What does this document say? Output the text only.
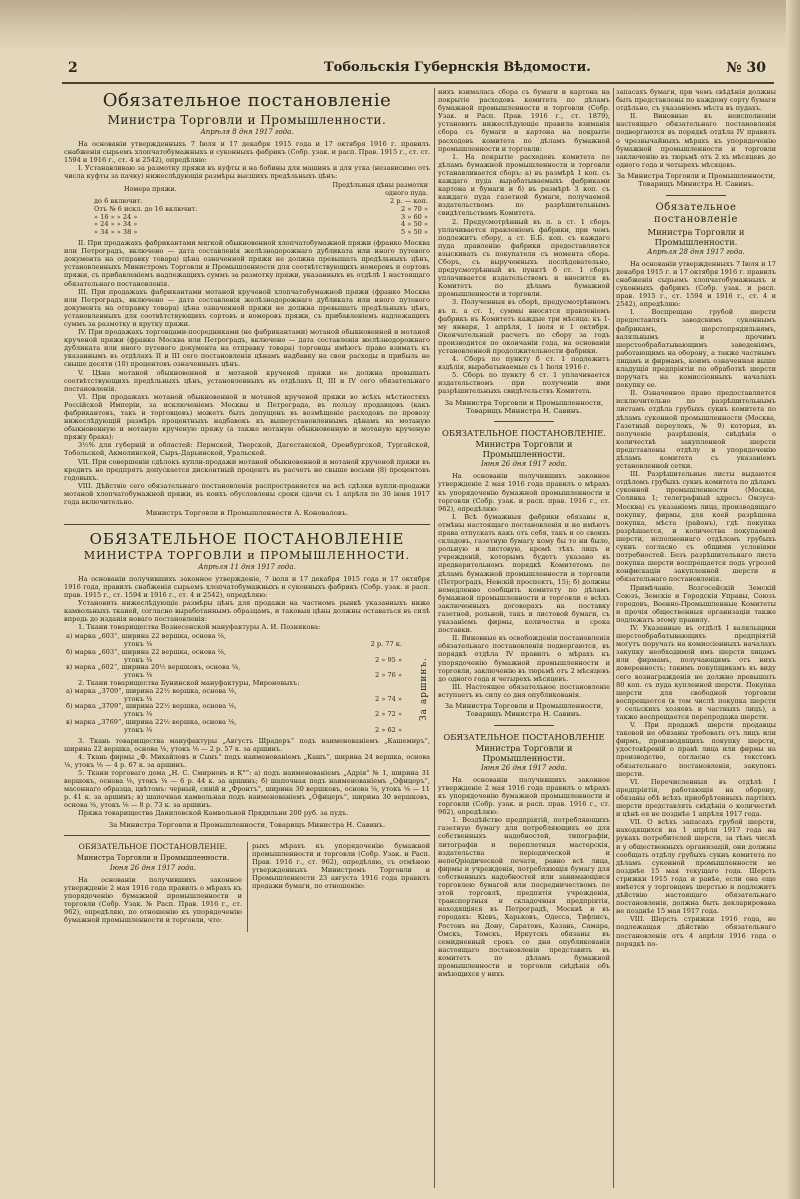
2	Тобольскія Губернскія Вѣдомости.	№ 30
Обязательное постановленіе
Министра Торговли и Промышленности.
Апрѣля 8 дня 1917 года.

На основаніи утвержденныхъ 7 Іюля и 17 декабря 1915 года и 17 октября 1916 г. правилъ снабженія сырьемъ хлопчатобумажныхъ и суконныхъ фабрикъ (Собр. узак. и расп. Прав. 1915 г., ст. ст. 1594 и 1916 г., ст. 4 и 2542), опредѣляю:

I. Устанавливаю за размотку пряжи въ куфты и на бобины для машинъ и для утка (независимо отъ числа куфты за пачку) нижеслѣдующія размѣры высшихъ предѣльныхъ цѣнъ:

Номера пряжи.	Предѣльныя цѣны размотки одного пуда.
до 6 включит.	2 р. — коп.
Отъ № 6 искл. до 16 включит.	2 » 70 »
» 16 » » 24 »	3 » 60 »
» 24 » » 34 »	4 » 50 »
» 34 » » 38 »	5 » 50 »

II. При продажахъ фабрикантами мягкой обыкновенной хлопчатобумажной пряжи (франко Москва или Петроградъ, включено — дата составленія желѣзнодорожнаго дубликата или иного путевого документа на отправку товара) цѣна означенной пряжи не должна превышать предѣльныхъ цѣнъ, установленныхъ Министромъ Торговли и Промышленности для соотвѣтствующихъ номеровъ и сортовъ пряжи, съ прибавленіемъ надлежащихъ суммъ за размотку пряжи, указанныхъ въ отдѣлѣ 1 настоящаго обязательнаго постановленія.

III. При продажахъ фабрикантами мотаной крученой хлопчатобумажной пряжи (франко Москва или Петроградъ, включено — дата составленія желѣзнодорожнаго дубликата или иного путевого документа на отправку товара) цѣна означенной пряжи не должна превышать предѣльныхъ цѣнъ, установленныхъ для соотвѣтствующихъ сортовъ и номеровъ пряжи, съ прибавленіемъ надлежащихъ суммъ за размотку и крутку пряжи.

IV. При продажахъ торговцами-посредниками (не фабрикантами) мотаной обыкновенной и мотаной крученой пряжи (франко Москва или Петроградъ, включено — дата составленія желѣзнодорожнаго дубликата или иного путевого документа на отправку товара) торговцы имѣютъ право взимать къ указаннымъ въ отдѣлахъ II и III сего постановленія цѣнамъ надбавку на свои расходы и прибыль не свыше десяти (10) процентовъ означенныхъ цѣнъ.

V. Цѣна мотаной обыкновенной и мотаной крученой пряжи не должна превышать соотвѣтствующихъ предѣльныхъ цѣнъ, установленныхъ въ отдѣлахъ II, III и IV сего обязательнаго постановленія.

VI. При продажахъ мотаной обыкновенной и мотаной крученой пряжи во всѣхъ мѣстностяхъ Россійской Имперіи, за исключеніемъ Москвы и Петрограда, въ пользу продавцовъ (какъ фабрикантовъ, такъ и торговцевъ) можетъ быть допущенъ въ возмѣщеніе расходовъ по провозу нижеслѣдующій размѣръ процентныхъ надбавокъ къ вышеустановленнымъ цѣнамъ на мотаную обыкновенную и мотаную крученую пряжу (а также мотаную обыкновенную и мотаную крученую пряжу брака):

3½% для губерній и областей: Пермской, Тверской, Дагестанской, Оренбургской, Тургайской, Тобольской, Акмолинской, Сыръ-Дарьинской, Уральской.

VII. При совершеніи сдѣлокъ купли-продажи мотаной обыкновенной и мотаной крученой пряжи въ кредитъ не предпрятъ допускается дисконтный процентъ въ расчетъ не свыше восьми (8) процентовъ годовыхъ.

VIII. Дѣйствіе сего обязательнаго постановленія распространяется на всѣ сдѣлки купли-продажи мотаной хлопчатобумажной пряжи, въ коихъ обусловлены сроки сдачи съ 1 апрѣля по 30 іюня 1917 года включительно.

Министръ Торговли и Промышленности А. Коноваловъ.
ОБЯЗАТЕЛЬНОЕ ПОСТАНОВЛЕНІЕ
МИНИСТРА ТОРГОВЛИ и ПРОМЫШЛЕННОСТИ.
Апрѣля 11 дня 1917 года.

На основаніи получившихъ законное утвержденіе, 7 іюля и 17 декабря 1915 года и 17 октября 1916 года, правилъ снабженія сырьемъ хлопчатобумажныхъ и суконныхъ фабрикъ (Собр. узак. и расп. прав. 1915 г., ст. 1594 и 1916 г., ст. 4 и 2542), опредѣляю:

Установить нижеслѣдующіе размѣры цѣнъ для продажи на частномъ рынкѣ указанныхъ ниже камвольныхъ тканей, согласно выработаннымъ образцамъ, и таковыя цѣны должны оставаться въ силѣ впредь до изданія новаго постановленія:

1. Ткани товарищества Вознесенской мануфактуры А. И. Познякова:

а) марка „603“, ширина 22 вершка, основа ⅛,	
утокъ ⅛	2 р. 77 к.
б) марка „603“, ширина 22 вершка, основа ⅛,	
утокъ ⅛	2 » 95 »
в) марка „602“, ширина 20½ вершковъ, основа ⅛,	
утокъ ⅛	2 » 76 »
2. Ткани товарищества Бунинской мануфактуры, Мироновыхъ:	
а) марка „3709“, ширина 22½ вершка, основа ⅛,	
утокъ ⅛	2 » 74 »
б) марка „3709“, ширина 22½ вершка, основа ⅛,	
утокъ ⅛	2 » 72 »
в) марка „3769“, ширина 22½ вершка, основа ⅛,	
утокъ ⅛	2 » 62 »
За аршинъ.

3. Ткань товарищества мануфактуры „Августъ Шрадеръ“ подъ наименованіемъ „Кашемиръ“, ширина 22 вершка, основа ⅛, утокъ ⅛ — 2 р. 57 к. за аршинъ.

4. Ткань фирмы „Ф. Михайловъ и Сынъ“ подъ наименованіемъ „Кашъ“, ширина 24 вершка, основа ⅛, утокъ ⅛ — 4 р. 67 к. за аршинъ.

5. Ткани торговаго дома „Н. С. Смирновъ и К°“: а) подъ наименованіемъ „Адрія“ № 1, ширина 31 вершокъ, основа ⅛, утокъ ⅛ — 6 р. 44 к. за аршинъ; б) шапочная подъ наименованіемъ „Офицеръ“, масоннаго образца, цвѣтомъ: черный, синій и „Фронтъ“, ширина 30 вершковъ, основа ⅛, утокъ ⅛ — 11 р. 41 к. за аршинъ; в) шапочная камвольная подъ наименованіемъ „Офицеръ“, ширина 30 вершковъ, основа ⅛, утокъ ⅛ — 8 р. 73 к. за аршинъ.

Пряжа товарищества Даниловской Камвольной Прядильни 200 руб. за пудъ.

За Министра Торговли и Промышленности, Товарищъ Министра Н. Савинъ.
ОБЯЗАТЕЛЬНОЕ ПОСТАНОВЛЕНІЕ.
Министра Торговли и Промышленности.
Іюня 26 дня 1917 года.

На основаніи получившихъ законное утвержденіе 2 мая 1916 года правилъ о мѣрахъ къ упорядоченію бумажной промышленности и торговли (Собр. Узак. № Расп. Прав. 1916 г., ст. 962), опредѣляю, по отношенію къ упорядоченію бумажной промышленности и торговли, что:

рыхъ мѣрахъ къ упорядоченію бумажной промышленности и торговли (Собр. Узак. и Расп. Прав. 1916 г., ст. 962), опредѣляю, съ отмѣною утвержденныхъ Министромъ Торговли и Промышленности 23 августа 1916 года правилъ продажи бумаги, по отношенію:

нихъ взималась сбора съ бумаги и картона на покрытіе расходовъ комитета по дѣламъ бумажной промышленности и торговли (Собр. Узак. и Расп. Прав. 1916 г., ст. 1879), установить нижеслѣдующіе правила взиманія сбора съ бумаги и картона на покрытіе расходовъ комитета по дѣламъ бумажной промышленности и торговли:

1. На покрытіе расходовъ комитета по дѣламъ бумажной промышленности и торговли устанавливается сборъ: а) въ размѣрѣ 1 коп. съ каждаго пуда вырабатываемыхъ фабриками картона и бумаги и б) въ размѣрѣ 3 коп. съ каждаго пуда газетной бумаги, получаемой издательствомъ по разрѣшительнымъ свидѣтельствамъ Комитета.

2. Предусмотрѣнный въ п. а ст. 1 сборъ уплачивается правленіемъ фабрики, при чемъ подлежитъ сбору, а ст. Б.Б. коп. съ каждаго пуда правленію фабрики предоставляется взыскивать съ покупателя съ момента сбора. Сборъ, съ вырученныхъ послѣдовательно, предусмотрѣнный въ пунктѣ б ст. 1 сборъ уплачивается издательствомъ и вносится въ Комитетъ по дѣламъ бумажной промышленности и торговли.

3. Полученныя въ сборѣ, предусмотрѣнномъ въ п. а ст. 1, суммы вносятся правленіемъ фабрикъ въ Комитетъ каждые три мѣсяца: къ 1-му января, 1 апрѣля, 1 іюля и 1 октября. Окончательный расчетъ по сбору за годъ производится по окончаніи года, на основаніи установленной продолжительности фабрики.

4. Сборъ по пункту б ст. 1 подлежитъ вздѣлія, вырабатываемые съ 1 Іюля 1916 г.

5. Сборъ по пункту б ст. 1 уплачивается издательствомъ при полученіи ими разрѣшительныхъ свидѣтельствъ Комитета.

За Министра Торговли и Промышленности, Товарищъ Министра Н. Савинъ.
ОБЯЗАТЕЛЬНОЕ ПОСТАНОВЛЕНІЕ.
Министра Торговли и Промышленности.
Іюня 26 дня 1917 года.

На основаніи получившихъ законное утвержденіе 2 мая 1916 года правилъ о мѣрахъ къ упорядоченію бумажной промышленности и торговли (Собр. узак. и расп. прав. 1916 г., ст. 962), опредѣляю:

I. Всѣ бумажныя фабрики обязаны и, отмѣны настоящаго постановленія и не имѣютъ права отпускать какъ отъ себя, такъ и со своихъ складовъ, газетную бумагу кому бы то ни было, рольную и листовую, кромѣ тѣхъ лицъ и учрежденій, которымъ будетъ указано въ предварительномъ порядкѣ Комитетомъ по дѣламъ бумажной промышленности и торговли (Петроградъ, Невскій проспектъ, 15); б) должны немедленно сообщить комитету по дѣламъ бумажной промышленности и торговли о всѣхъ заключенныхъ договорахъ на поставку газетной, рольной, такъ и листовой бумаги, съ указаніемъ фирмы, количества и срока поставки.

II. Виновные въ освобожденіи постановленія обязательнаго постановленія подвергаются, въ порядкѣ отдѣла IV правилъ о мѣрахъ къ упорядоченію бумажной промышленности и торговли, заключенію въ тюрьмѣ отъ 2 мѣсяцевъ до одного года и четырехъ мѣсяцевъ.

III. Настоящее обязательное постановленіе вступаетъ въ силу со дня опубликованія.

За Министра Торговли и Промышленности, Товарищъ Министра Н. Савинъ.
ОБЯЗАТЕЛЬНОЕ ПОСТАНОВЛЕНІЕ
Министра Торговли и Промышленности.
Іюня 26 дня 1917 года.

На основаніи получившихъ законное утвержденіе 2 мая 1916 года правилъ о мѣрахъ къ упорядоченію бумажной промышленности и торговли (Собр. узак. и расп. прав. 1916 г., ст. 962), опредѣляю:

1. Воздѣйство предпріятій, потребляющихъ газетную бумагу для потребляющихъ ее для собственныхъ надобностей, типографіи, литографіи и переплетныя мастерскія, издательства періодической и непеQріодической печати, равно всѣ лица, фирмы и учрежденія, потребляющія бумагу для собственныхъ надобностей или занимающіяся торговлею бумагой или посредничествомъ по этой торговлѣ, предпятія учрежденія, транспортныя и складочныя предпріятія, находящіяся въ Петроградѣ, Москвѣ и въ городахъ: Кіевъ, Харьковъ, Одесса, Тифлисъ, Ростовъ на Дону, Саратовъ, Казань, Самара, Омскъ, Томскъ, Иркутскъ обязаны въ семидневный срокъ со дня опубликованія настоящаго постановленія представить въ комитетъ по дѣламъ бумажной промышленности и торговли свѣдѣнія объ имѣющихся у нихъ

запасахъ бумаги, при чемъ свѣдѣнія должны быть представлены по каждому сорту бумаги отдѣльно, съ указаніемъ мѣста въ пудахъ.

II. Виновные въ неисполненіи настоящаго обязательнаго постановленія подвергаются въ порядкѣ отдѣла IV правилъ о чрезвычайныхъ мѣрахъ къ упорядоченію бумажной промышленности и торговли заключенію въ тюрьмѣ отъ 2 хъ мѣсяцевъ до одного года и четырехъ мѣсяцевъ.

За Министра Торговли и Промышленности, Товарищъ Министра Н. Савинъ.
Обязательное постановленіе
Министра Торговли и Промышленности.
Апрѣля 28 дня 1917 года.

На основаніи утвержденныхъ 7 Іюля и 17 декабря 1915 г. и 17 октября 1916 г. правилъ снабженія сырьемъ хлопчатобумажныхъ и суконныхъ фабрикъ (Собр. узак. и расп. прав. 1915 г., ст. 1594 и 1916 г., ст. 4 и 2542), опредѣляю:

I. Воспрещаю грубой шерсти предоставлять заводскимъ суконнымъ фабрикамъ, шерстопрядильнямъ, валяльнымъ и прочимъ шерстообрабатывающимъ заведеніямъ, работающимъ на оборону, а также частнымъ лицамъ и фирмамъ, коимъ означенная выше кладущія предпріятіи по обработкѣ шерсти поручатъ на комиссіонныхъ началахъ покупку ее.

II. Означенное право предоставляется исключительно по разрѣшительнымъ листамъ отдѣла грубыхъ сукнъ комитета по дѣламъ суконной промышленности (Москва, Газетный переулокъ, № 9) которыя, въ полученіе разрѣшенія, свѣдѣнія о количествѣ закупленной шерсти представлены отдѣлу и упорядоченію дѣламъ комитета съ указаніемъ установленной сетки.

III. Разрѣшительные листы выдаются отдѣломъ грубыхъ сукнъ комитета по дѣламъ суконной промышленности (Москва, Солянка 1; телеграфный адресъ: Омзуса-Москва) съ указаніемъ лица, производящаго покупку, фирмы, для коей разрѣшена покупка, мѣста (районъ), гдѣ покупка разрѣшается, и количества покупаемой шерсти, исполненнаго отдѣломъ грубыхъ сукнъ согласно съ общими условіями потребностей. Безъ разрѣшительнаго листа покупка шерсти воспрещается подъ угрозой конфискаціи закупленной шерсти и обязательнаго постановленія.

Примѣчаніе. Возгосейскій Земскій Союзъ, Земскіе и Городскія Управы, Союзъ городовъ, Военно-Промышленные Комитеты и прочія общественныя организаціи также подлежатъ этому правилу.

IV. Указанные въ отдѣлѣ I валяльщики шерстообрабатывающихъ предпріятій могутъ поручать на комиссіонныхъ началахъ закупку необходимой имъ шерсти лицамъ или фирмамъ, получающимъ отъ нихъ доверенность; такимъ покупщикамъ въ виду сего вознагражденія не должно превышать 80 коп. съ пуда купленной шерсти. Покупка шерсти для свободной торговли воспрещается (в том числѣ покупка шерсти у сельскихъ хозяевъ и частныхъ лицъ), а также воспрещается перепродажа шерсти.

V. При продажѣ шерсти продавцы таковой не обязаны требовать отъ лицъ или фирмъ, производящихъ покупку шерсти, удостовѣреній о правѣ лица или фирмы на производство, согласно съ текстомъ обязательнаго постановленія, закупокъ шерсти.

VI. Перечисленныя въ отдѣлѣ I предпріятія, работающія на оборону, обязаны обѣ всѣхъ приобрѣтенныхъ партіяхъ шерсти представлять свѣдѣнія о количествѣ и цѣнѣ ея не позднѣе 1 апрѣля 1917 года.

VII. О всѣхъ запасахъ грубой шерсти, находящихся на 1 апрѣля 1917 года на рукахъ потребителей шерсти, за тѣмъ числѣ и у общественныхъ организацій, они должны сообщать отдѣлу грубыхъ сукнъ комитета по дѣламъ суконной промышленности не позднѣе 15 мая текущаго года. Шерсть стрижки 1915 года и ранѣе, если она еще имѣется у торговцевъ шерстью и подлежитъ дѣйствію настоящаго обязательнаго постановленія, должна быть декларирована не позднѣе 15 мая 1917 года.

VIII. Шерсть стрижки 1916 года, не подлежащая дѣйствію обязательнаго постановленія отъ 4 апрѣля 1916 года о порядкѣ по-
